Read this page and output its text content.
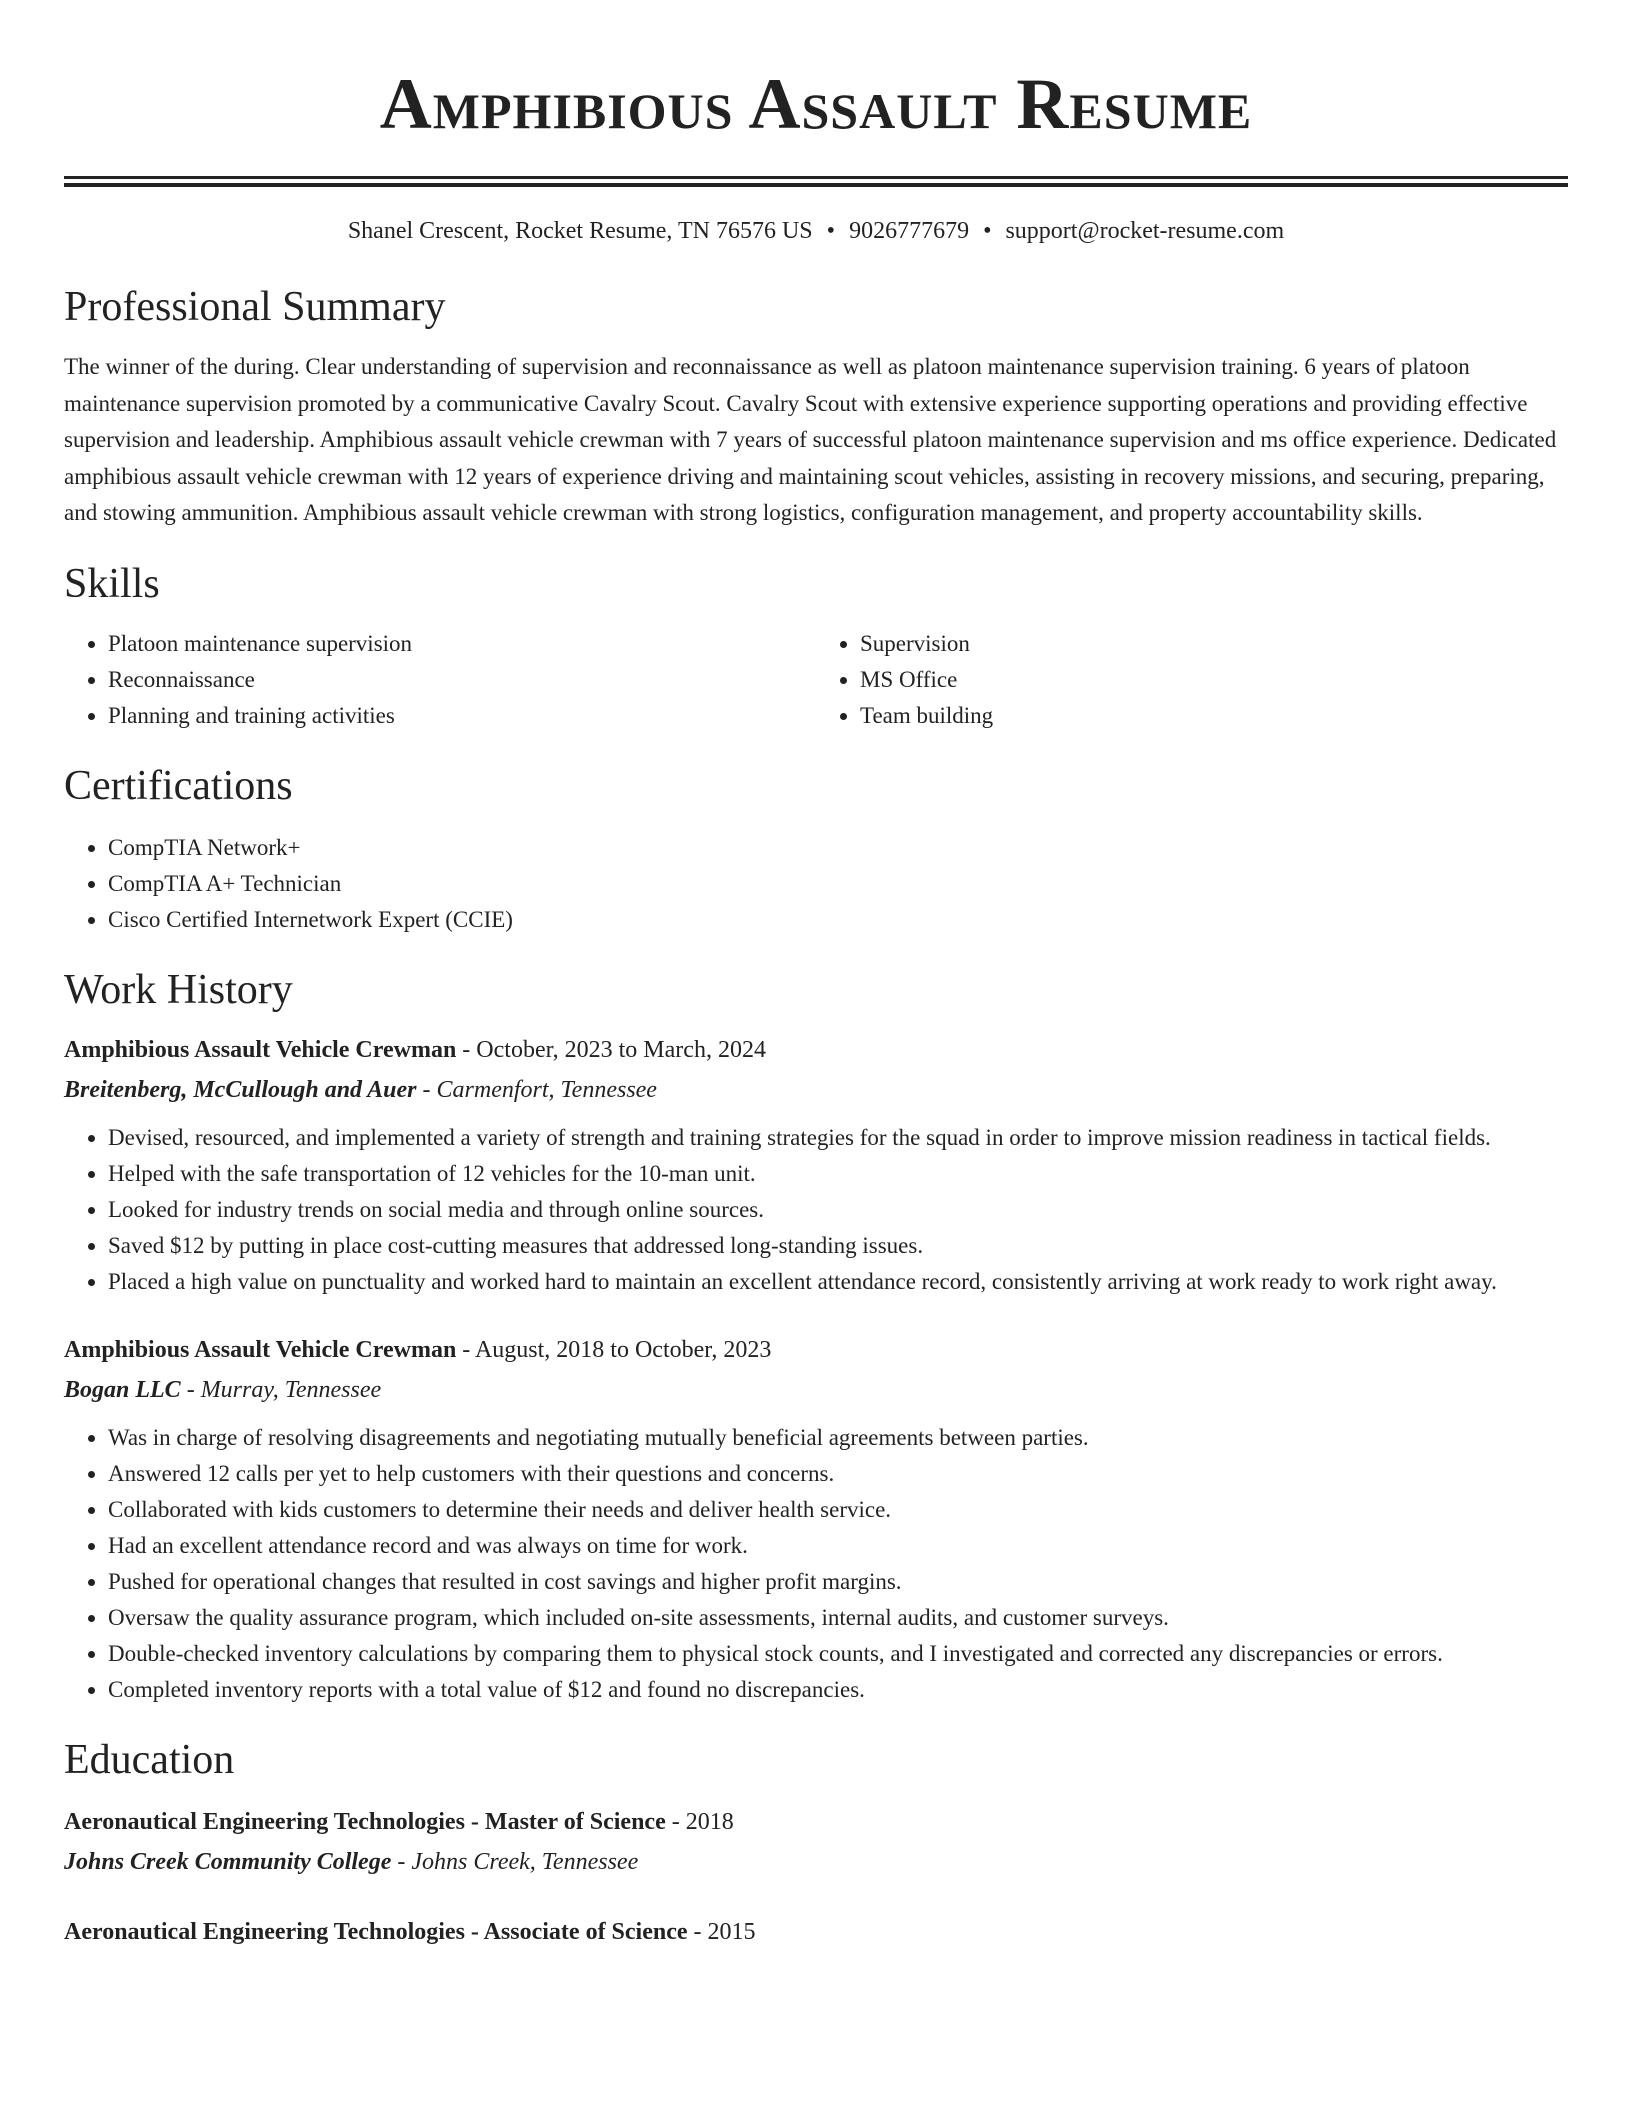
Amphibious Assault Resume
Shanel Crescent, Rocket Resume, TN 76576 US • 9026777679 • support@rocket-resume.com
Professional Summary
The winner of the during. Clear understanding of supervision and reconnaissance as well as platoon maintenance supervision training. 6 years of platoon maintenance supervision promoted by a communicative Cavalry Scout. Cavalry Scout with extensive experience supporting operations and providing effective supervision and leadership. Amphibious assault vehicle crewman with 7 years of successful platoon maintenance supervision and ms office experience. Dedicated amphibious assault vehicle crewman with 12 years of experience driving and maintaining scout vehicles, assisting in recovery missions, and securing, preparing, and stowing ammunition. Amphibious assault vehicle crewman with strong logistics, configuration management, and property accountability skills.
Skills
• Platoon maintenance supervision
• Reconnaissance
• Planning and training activities
• Supervision
• MS Office
• Team building
Certifications
• CompTIA Network+
• CompTIA A+ Technician
• Cisco Certified Internetwork Expert (CCIE)
Work History
Amphibious Assault Vehicle Crewman - October, 2023 to March, 2024
Breitenberg, McCullough and Auer - Carmenfort, Tennessee
• Devised, resourced, and implemented a variety of strength and training strategies for the squad in order to improve mission readiness in tactical fields.
• Helped with the safe transportation of 12 vehicles for the 10-man unit.
• Looked for industry trends on social media and through online sources.
• Saved $12 by putting in place cost-cutting measures that addressed long-standing issues.
• Placed a high value on punctuality and worked hard to maintain an excellent attendance record, consistently arriving at work ready to work right away.
Amphibious Assault Vehicle Crewman - August, 2018 to October, 2023
Bogan LLC - Murray, Tennessee
• Was in charge of resolving disagreements and negotiating mutually beneficial agreements between parties.
• Answered 12 calls per yet to help customers with their questions and concerns.
• Collaborated with kids customers to determine their needs and deliver health service.
• Had an excellent attendance record and was always on time for work.
• Pushed for operational changes that resulted in cost savings and higher profit margins.
• Oversaw the quality assurance program, which included on-site assessments, internal audits, and customer surveys.
• Double-checked inventory calculations by comparing them to physical stock counts, and I investigated and corrected any discrepancies or errors.
• Completed inventory reports with a total value of $12 and found no discrepancies.
Education
Aeronautical Engineering Technologies - Master of Science - 2018
Johns Creek Community College - Johns Creek, Tennessee
Aeronautical Engineering Technologies - Associate of Science - 2015
